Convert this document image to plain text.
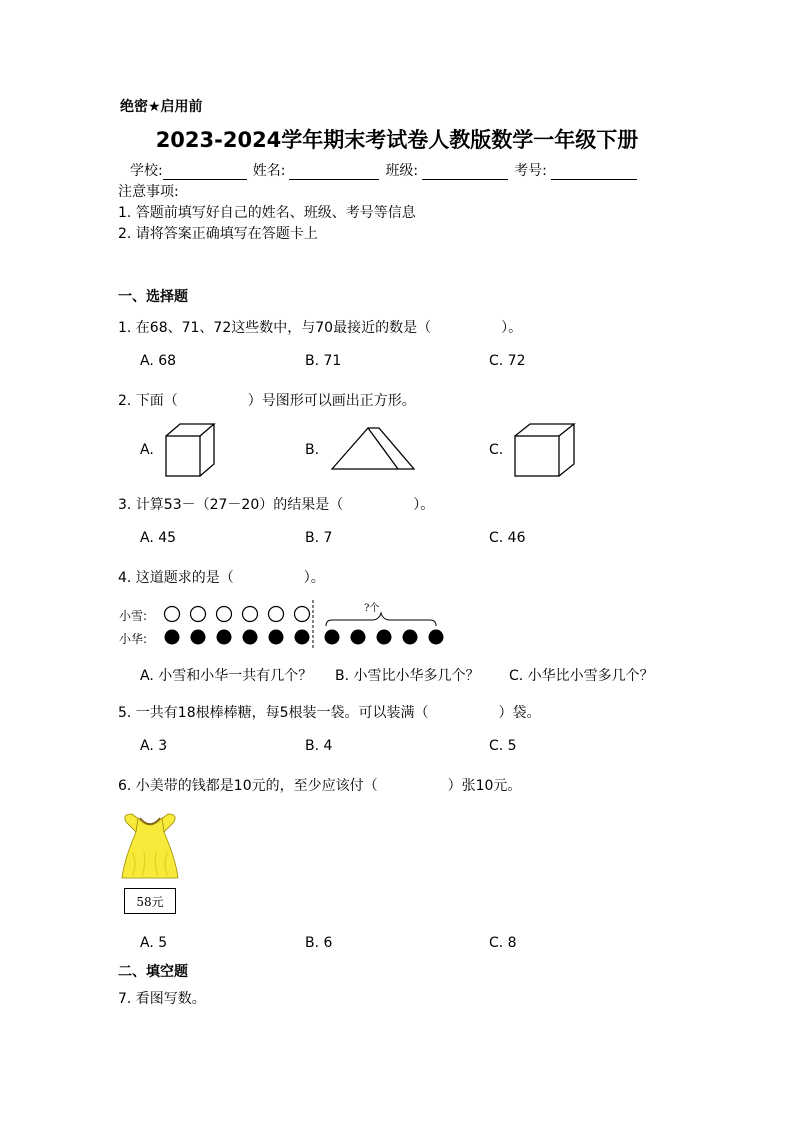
绝密★启用前
2023-2024学年期末考试卷人教版数学一年级下册
学校:	姓名:	班级:	考号:
注意事项:
1. 答题前填写好自己的姓名、班级、考号等信息
2. 请将答案正确填写在答题卡上
一、选择题
1. 在68、71、72这些数中，与70最接近的数是（　　　　　）。
A. 68	B. 71	C. 72
2. 下面（　　　　　）号图形可以画出正方形。
A.	B.	C.
3. 计算53－（27－20）的结果是（　　　　　）。
A. 45	B. 7	C. 46
4. 这道题求的是（　　　　　）。
小雪:
小华:
?个
A. 小雪和小华一共有几个？ B. 小雪比小华多几个？ C. 小华比小雪多几个？
5. 一共有18根棒棒糖，每5根装一袋。可以装满（　　　　　）袋。
A. 3	B. 4	C. 5
6. 小美带的钱都是10元的，至少应该付（　　　　　）张10元。
58元
A. 5	B. 6	C. 8
二、填空题
7. 看图写数。
